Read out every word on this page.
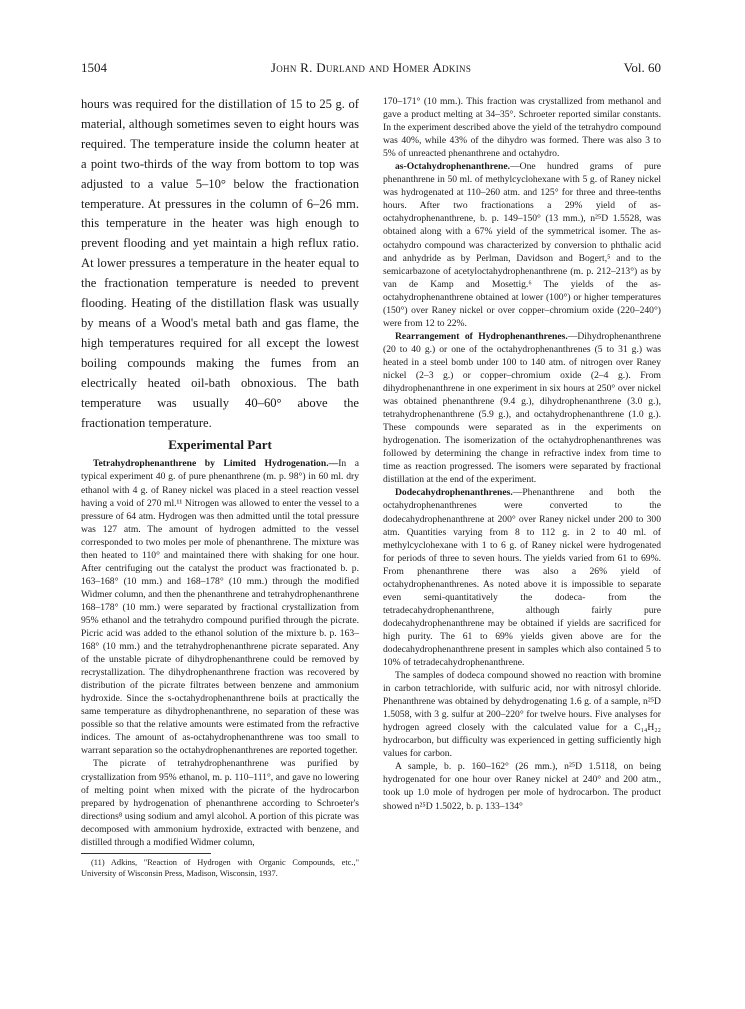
1504	John R. Durland and Homer Adkins	Vol. 60

hours was required for the distillation of 15 to 25 g. of material, although sometimes seven to eight hours was required. The temperature inside the column heater at a point two-thirds of the way from bottom to top was adjusted to a value 5–10° below the fractionation temperature. At pressures in the column of 6–26 mm. this temperature in the heater was high enough to prevent flooding and yet maintain a high reflux ratio. At lower pressures a temperature in the heater equal to the fractionation temperature is needed to prevent flooding. Heating of the distillation flask was usually by means of a Wood's metal bath and gas flame, the high temperatures required for all except the lowest boiling compounds making the fumes from an electrically heated oil-bath obnoxious. The bath temperature was usually 40–60° above the fractionation temperature.

Experimental Part

Tetrahydrophenanthrene by Limited Hydrogenation.—In a typical experiment 40 g. of pure phenanthrene (m. p. 98°) in 60 ml. dry ethanol with 4 g. of Raney nickel was placed in a steel reaction vessel having a void of 270 ml.¹¹ Nitrogen was allowed to enter the vessel to a pressure of 64 atm. Hydrogen was then admitted until the total pressure was 127 atm. The amount of hydrogen admitted to the vessel corresponded to two moles per mole of phenanthrene. The mixture was then heated to 110° and maintained there with shaking for one hour. After centrifuging out the catalyst the product was fractionated b. p. 163–168° (10 mm.) and 168–178° (10 mm.) through the modified Widmer column, and then the phenanthrene and tetrahydrophenanthrene 168–178° (10 mm.) were separated by fractional crystallization from 95% ethanol and the tetrahydro compound purified through the picrate. Picric acid was added to the ethanol solution of the mixture b. p. 163–168° (10 mm.) and the tetrahydrophenanthrene picrate separated. Any of the unstable picrate of dihydrophenanthrene could be removed by recrystallization. The dihydrophenanthrene fraction was recovered by distribution of the picrate filtrates between benzene and ammonium hydroxide. Since the s-octahydrophenanthrene boils at practically the same temperature as dihydrophenanthrene, no separation of these was possible so that the relative amounts were estimated from the refractive indices. The amount of as-octahydrophenanthrene was too small to warrant separation so the octahydrophenanthrenes are reported together.

The picrate of tetrahydrophenanthrene was purified by crystallization from 95% ethanol, m. p. 110–111°, and gave no lowering of melting point when mixed with the picrate of the hydrocarbon prepared by hydrogenation of phenanthrene according to Schroeter's directions⁸ using sodium and amyl alcohol. A portion of this picrate was decomposed with ammonium hydroxide, extracted with benzene, and distilled through a modified Widmer column,

(11) Adkins, "Reaction of Hydrogen with Organic Compounds, etc.," University of Wisconsin Press, Madison, Wisconsin, 1937.

170–171° (10 mm.). This fraction was crystallized from methanol and gave a product melting at 34–35°. Schroeter reported similar constants. In the experiment described above the yield of the tetrahydro compound was 40%, while 43% of the dihydro was formed. There was also 3 to 5% of unreacted phenanthrene and octahydro.

as-Octahydrophenanthrene.—One hundred grams of pure phenanthrene in 50 ml. of methylcyclohexane with 5 g. of Raney nickel was hydrogenated at 110–260 atm. and 125° for three and three-tenths hours. After two fractionations a 29% yield of as-octahydrophenanthrene, b. p. 149–150° (13 mm.), n²⁵D 1.5528, was obtained along with a 67% yield of the symmetrical isomer. The as-octahydro compound was characterized by conversion to phthalic acid and anhydride as by Perlman, Davidson and Bogert,⁵ and to the semicarbazone of acetyloctahydrophenanthrene (m. p. 212–213°) as by van de Kamp and Mosettig.⁶ The yields of the as-octahydrophenanthrene obtained at lower (100°) or higher temperatures (150°) over Raney nickel or over copper–chromium oxide (220–240°) were from 12 to 22%.

Rearrangement of Hydrophenanthrenes.—Dihydrophenanthrene (20 to 40 g.) or one of the octahydrophenanthrenes (5 to 31 g.) was heated in a steel bomb under 100 to 140 atm. of nitrogen over Raney nickel (2–3 g.) or copper–chromium oxide (2–4 g.). From dihydrophenanthrene in one experiment in six hours at 250° over nickel was obtained phenanthrene (9.4 g.), dihydrophenanthrene (3.0 g.), tetrahydrophenanthrene (5.9 g.), and octahydrophenanthrene (1.0 g.). These compounds were separated as in the experiments on hydrogenation. The isomerization of the octahydrophenanthrenes was followed by determining the change in refractive index from time to time as reaction progressed. The isomers were separated by fractional distillation at the end of the experiment.

Dodecahydrophenanthrenes.—Phenanthrene and both the octahydrophenanthrenes were converted to the dodecahydrophenanthrene at 200° over Raney nickel under 200 to 300 atm. Quantities varying from 8 to 112 g. in 2 to 40 ml. of methylcyclohexane with 1 to 6 g. of Raney nickel were hydrogenated for periods of three to seven hours. The yields varied from 61 to 69%. From phenanthrene there was also a 26% yield of octahydrophenanthrenes. As noted above it is impossible to separate even semi-quantitatively the dodeca- from the tetradecahydrophenanthrene, although fairly pure dodecahydrophenanthrene may be obtained if yields are sacrificed for high purity. The 61 to 69% yields given above are for the dodecahydrophenanthrene present in samples which also contained 5 to 10% of tetradecahydrophenanthrene.

The samples of dodeca compound showed no reaction with bromine in carbon tetrachloride, with sulfuric acid, nor with nitrosyl chloride. Phenanthrene was obtained by dehydrogenating 1.6 g. of a sample, n²⁵D 1.5058, with 3 g. sulfur at 200–220° for twelve hours. Five analyses for hydrogen agreed closely with the calculated value for a C₁₄H₂₂ hydrocarbon, but difficulty was experienced in getting sufficiently high values for carbon.

A sample, b. p. 160–162° (26 mm.), n²⁵D 1.5118, on being hydrogenated for one hour over Raney nickel at 240° and 200 atm., took up 1.0 mole of hydrogen per mole of hydrocarbon. The product showed n²⁵D 1.5022, b. p. 133–134°
